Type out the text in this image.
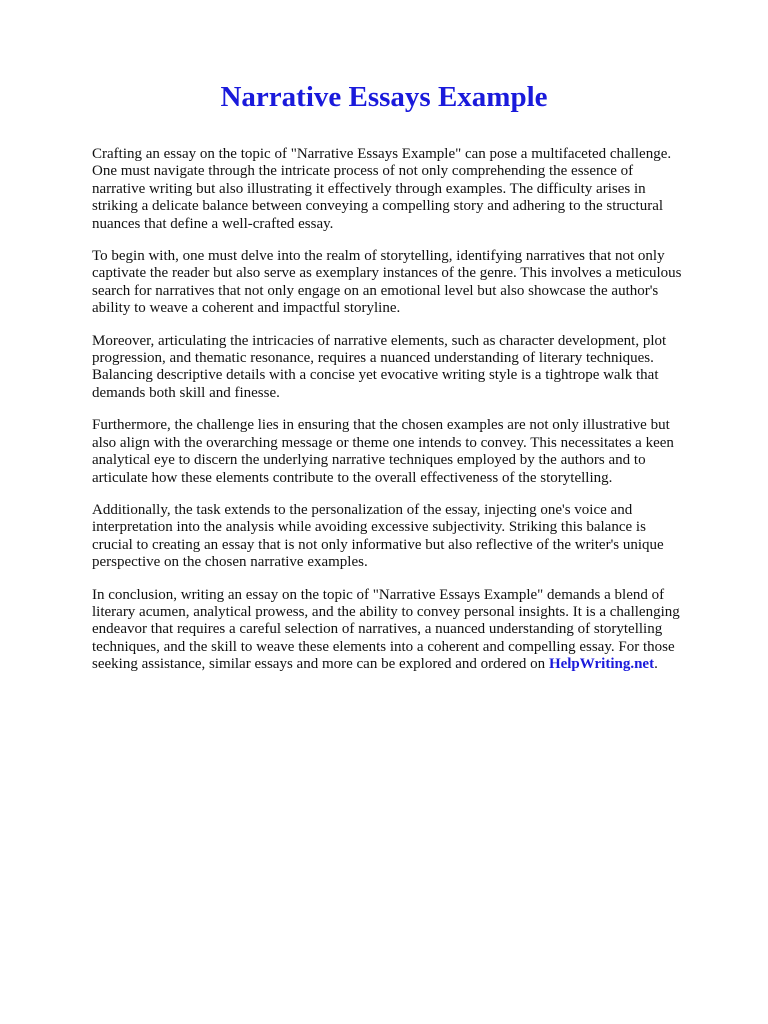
Narrative Essays Example

Crafting an essay on the topic of "Narrative Essays Example" can pose a multifaceted challenge. One must navigate through the intricate process of not only comprehending the essence of narrative writing but also illustrating it effectively through examples. The difficulty arises in striking a delicate balance between conveying a compelling story and adhering to the structural nuances that define a well-crafted essay.

To begin with, one must delve into the realm of storytelling, identifying narratives that not only captivate the reader but also serve as exemplary instances of the genre. This involves a meticulous search for narratives that not only engage on an emotional level but also showcase the author's ability to weave a coherent and impactful storyline.

Moreover, articulating the intricacies of narrative elements, such as character development, plot progression, and thematic resonance, requires a nuanced understanding of literary techniques. Balancing descriptive details with a concise yet evocative writing style is a tightrope walk that demands both skill and finesse.

Furthermore, the challenge lies in ensuring that the chosen examples are not only illustrative but also align with the overarching message or theme one intends to convey. This necessitates a keen analytical eye to discern the underlying narrative techniques employed by the authors and to articulate how these elements contribute to the overall effectiveness of the storytelling.

Additionally, the task extends to the personalization of the essay, injecting one's voice and interpretation into the analysis while avoiding excessive subjectivity. Striking this balance is crucial to creating an essay that is not only informative but also reflective of the writer's unique perspective on the chosen narrative examples.

In conclusion, writing an essay on the topic of "Narrative Essays Example" demands a blend of literary acumen, analytical prowess, and the ability to convey personal insights. It is a challenging endeavor that requires a careful selection of narratives, a nuanced understanding of storytelling techniques, and the skill to weave these elements into a coherent and compelling essay. For those seeking assistance, similar essays and more can be explored and ordered on HelpWriting.net.
